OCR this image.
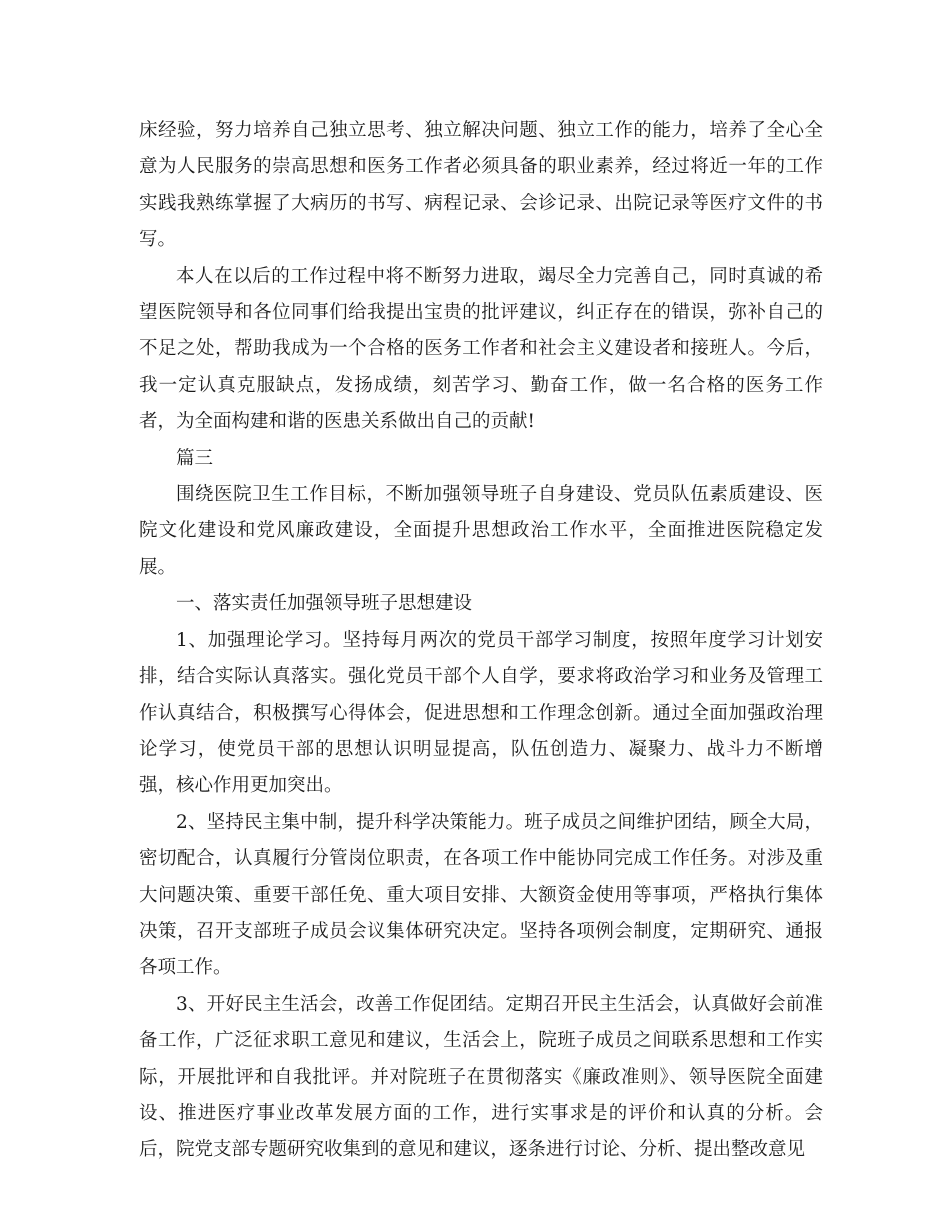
床经验，努力培养自己独立思考、独立解决问题、独立工作的能力，培养了全心全意为人民服务的崇高思想和医务工作者必须具备的职业素养，经过将近一年的工作实践我熟练掌握了大病历的书写、病程记录、会诊记录、出院记录等医疗文件的书写。

本人在以后的工作过程中将不断努力进取，竭尽全力完善自己，同时真诚的希望医院领导和各位同事们给我提出宝贵的批评建议，纠正存在的错误，弥补自己的不足之处，帮助我成为一个合格的医务工作者和社会主义建设者和接班人。今后，我一定认真克服缺点，发扬成绩，刻苦学习、勤奋工作，做一名合格的医务工作者，为全面构建和谐的医患关系做出自己的贡献!

篇三

围绕医院卫生工作目标，不断加强领导班子自身建设、党员队伍素质建设、医院文化建设和党风廉政建设，全面提升思想政治工作水平，全面推进医院稳定发展。

一、落实责任加强领导班子思想建设

1、加强理论学习。坚持每月两次的党员干部学习制度，按照年度学习计划安排，结合实际认真落实。强化党员干部个人自学，要求将政治学习和业务及管理工作认真结合，积极撰写心得体会，促进思想和工作理念创新。通过全面加强政治理论学习，使党员干部的思想认识明显提高，队伍创造力、凝聚力、战斗力不断增强，核心作用更加突出。

2、坚持民主集中制，提升科学决策能力。班子成员之间维护团结，顾全大局，密切配合，认真履行分管岗位职责，在各项工作中能协同完成工作任务。对涉及重大问题决策、重要干部任免、重大项目安排、大额资金使用等事项，严格执行集体决策，召开支部班子成员会议集体研究决定。坚持各项例会制度，定期研究、通报各项工作。

3、开好民主生活会，改善工作促团结。定期召开民主生活会，认真做好会前准备工作，广泛征求职工意见和建议，生活会上，院班子成员之间联系思想和工作实际，开展批评和自我批评。并对院班子在贯彻落实《廉政准则》、领导医院全面建设、推进医疗事业改革发展方面的工作，进行实事求是的评价和认真的分析。会后，院党支部专题研究收集到的意见和建议，逐条进行讨论、分析、提出整改意见
